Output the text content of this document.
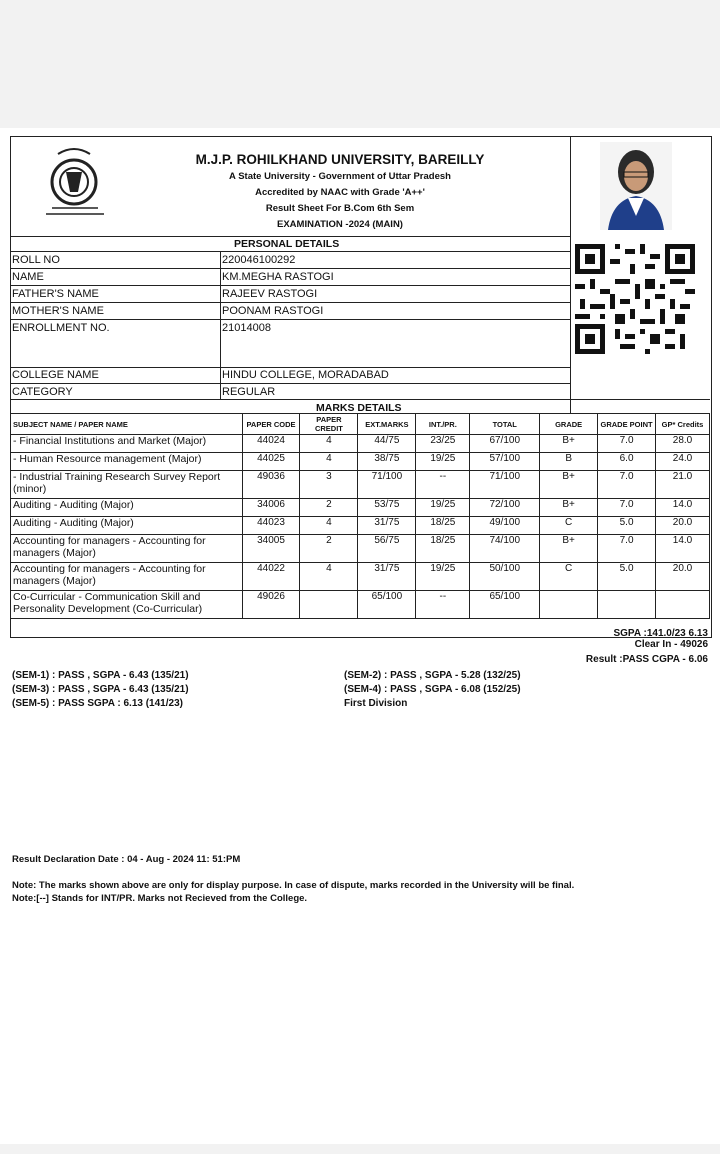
M.J.P. ROHILKHAND UNIVERSITY, BAREILLY
A State University - Government of Uttar Pradesh
Accredited by NAAC with Grade 'A++'
Result Sheet For B.Com 6th Sem
EXAMINATION -2024 (MAIN)
PERSONAL DETAILS
ROLL NO	220046100292
NAME	KM.MEGHA RASTOGI
FATHER'S NAME	RAJEEV RASTOGI
MOTHER'S NAME	POONAM RASTOGI
ENROLLMENT NO.	21014008
COLLEGE NAME	HINDU COLLEGE, MORADABAD
CATEGORY	REGULAR
MARKS DETAILS
SUBJECT NAME / PAPER NAME	PAPER CODE	PAPER CREDIT	EXT.MARKS	INT./PR.	TOTAL	GRADE	GRADE POINT	GP* Credits
- Financial Institutions and Market (Major)	44024	4	44/75	23/25	67/100	B+	7.0	28.0
- Human Resource management (Major)	44025	4	38/75	19/25	57/100	B	6.0	24.0
- Industrial Training Research Survey Report (minor)	49036	3	71/100	--	71/100	B+	7.0	21.0
Auditing - Auditing (Major)	34006	2	53/75	19/25	72/100	B+	7.0	14.0
Auditing - Auditing (Major)	44023	4	31/75	18/25	49/100	C	5.0	20.0
Accounting for managers - Accounting for managers (Major)	34005	2	56/75	18/25	74/100	B+	7.0	14.0
Accounting for managers - Accounting for managers (Major)	44022	4	31/75	19/25	50/100	C	5.0	20.0
Co-Curricular - Communication Skill and Personality Development (Co-Curricular)	49026		65/100	--	65/100			
SGPA :141.0/23 6.13
Clear In - 49026
Result :PASS CGPA - 6.06
(SEM-1) : PASS , SGPA - 6.43 (135/21)
(SEM-3) : PASS , SGPA - 6.43 (135/21)
(SEM-5) : PASS SGPA : 6.13 (141/23)
(SEM-2) : PASS , SGPA - 5.28 (132/25)
(SEM-4) : PASS , SGPA - 6.08 (152/25)
First Division
Result Declaration Date : 04 - Aug - 2024 11: 51:PM
Note: The marks shown above are only for display purpose. In case of dispute, marks recorded in the University will be final.
Note:[--] Stands for INT/PR. Marks not Recieved from the College.
